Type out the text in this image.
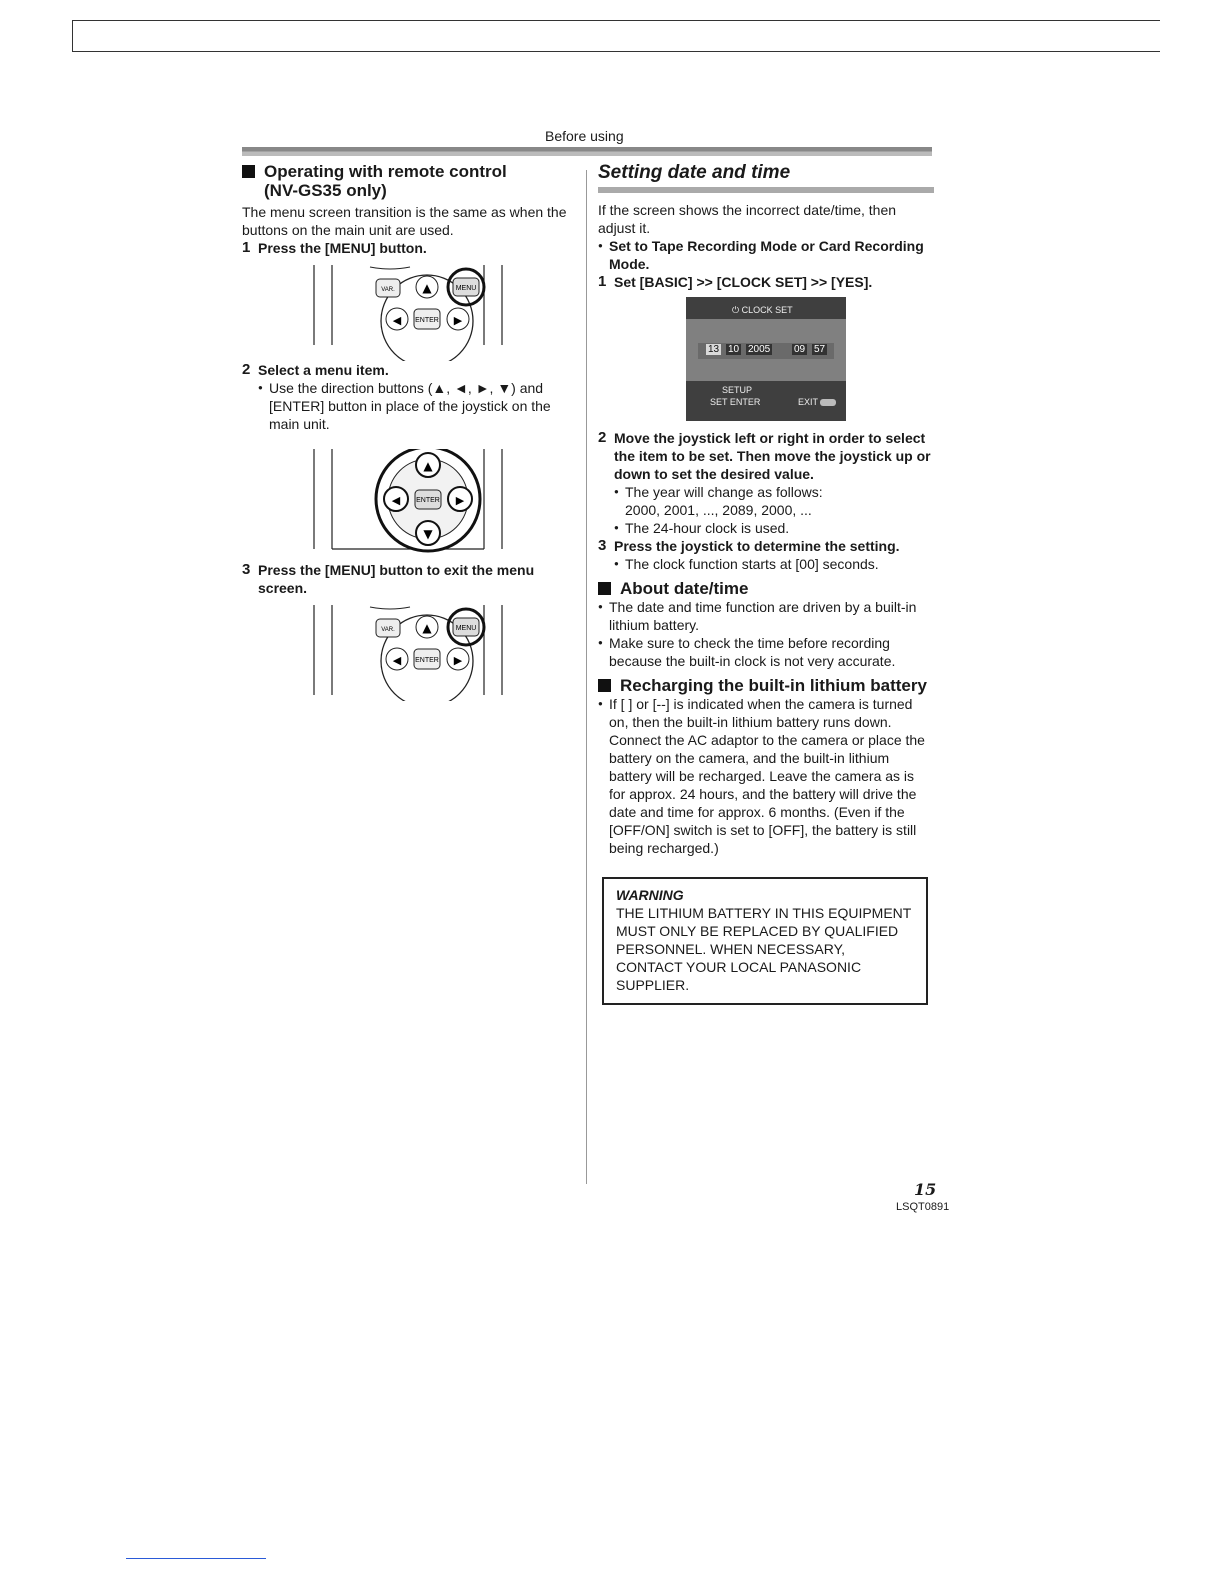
Before using
Operating with remote control
(NV-GS35 only)

The menu screen transition is the same as when the buttons on the main unit are used.

1 Press the [MENU] button.
VAR. ▲	MENU
◀ ENTER ▶
2 Select a menu item.
● Use the direction buttons (▲, ◄, ►, ▼) and [ENTER] button in place of the joystick on the main unit.
▲
◀	▶
▼
ENTER
3 Press the [MENU] button to exit the menu screen.
VAR. ▲	MENU
◀ ENTER ▶
Setting date and time

If the screen shows the incorrect date/time, then adjust it.

● Set to Tape Recording Mode or Card Recording Mode.
1 Set [BASIC] >> [CLOCK SET] >> [YES].
⏻ CLOCK SET
13 10 2005 09 57
SETUP
SET ENTER	EXIT
2 Move the joystick left or right in order to select the item to be set. Then move the joystick up or down to set the desired value.
● The year will change as follows:
2000, 2001, ..., 2089, 2000, ...
● The 24-hour clock is used.
3 Press the joystick to determine the setting.
● The clock function starts at [00] seconds.
About date/time
● The date and time function are driven by a built-in lithium battery.
● Make sure to check the time before recording because the built-in clock is not very accurate.
Recharging the built-in lithium battery
● If [ ] or [--] is indicated when the camera is turned on, then the built-in lithium battery runs down. Connect the AC adaptor to the camera or place the battery on the camera, and the built-in lithium battery will be recharged. Leave the camera as is for approx. 24 hours, and the battery will drive the date and time for approx. 6 months. (Even if the [OFF/ON] switch is set to [OFF], the battery is still being recharged.)
WARNING
THE LITHIUM BATTERY IN THIS EQUIPMENT MUST ONLY BE REPLACED BY QUALIFIED PERSONNEL. WHEN NECESSARY, CONTACT YOUR LOCAL PANASONIC SUPPLIER.
15
LSQT0891
